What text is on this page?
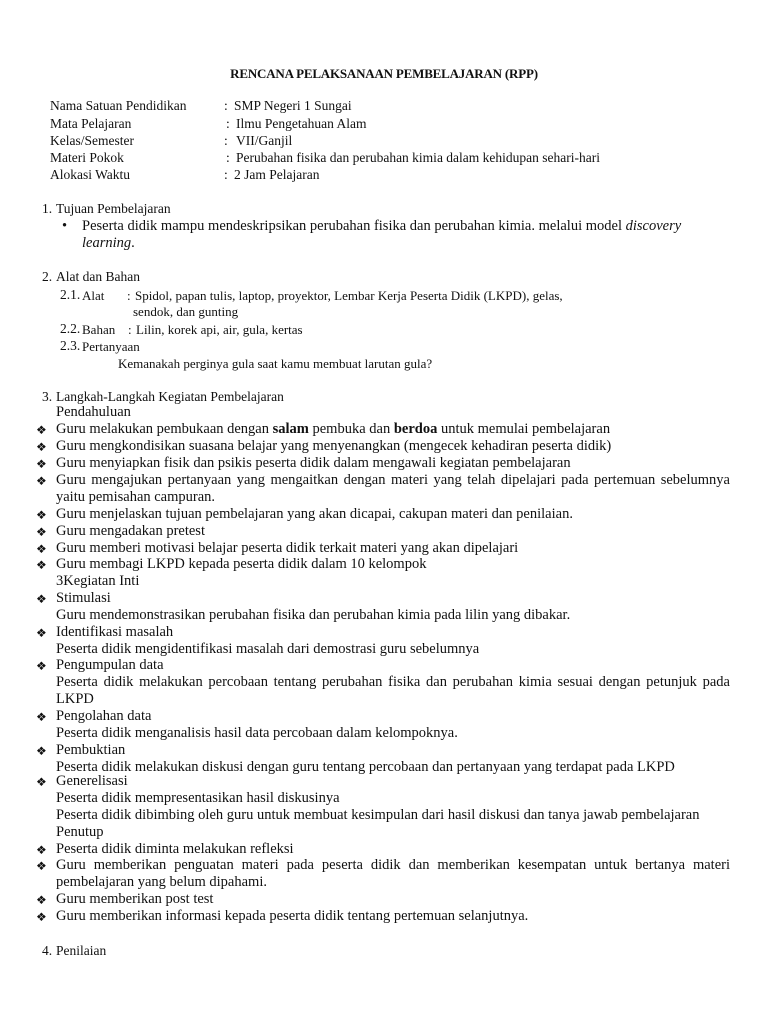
RENCANA PELAKSANAAN PEMBELAJARAN (RPP)
Nama Satuan Pendidikan	: SMP Negeri 1 Sungai
Mata Pelajaran	: Ilmu Pengetahuan Alam
Kelas/Semester	: VII/Ganjil
Materi Pokok	: Perubahan fisika dan perubahan kimia dalam kehidupan sehari-hari
Alokasi Waktu	: 2 Jam Pelajaran
1. Tujuan Pembelajaran
• Peserta didik mampu mendeskripsikan perubahan fisika dan perubahan kimia. melalui model discovery
learning.
2. Alat dan Bahan
2.1. Alat : Spidol, papan tulis, laptop, proyektor, Lembar Kerja Peserta Didik (LKPD), gelas,
sendok, dan gunting
2.2. Bahan : Lilin, korek api, air, gula, kertas
2.3. Pertanyaan
Kemanakah perginya gula saat kamu membuat larutan gula?
3. Langkah-Langkah Kegiatan Pembelajaran
Pendahuluan
❖ Guru melakukan pembukaan dengan salam pembuka dan berdoa untuk memulai pembelajaran
❖ Guru mengkondisikan suasana belajar yang menyenangkan (mengecek kehadiran peserta didik)
❖ Guru menyiapkan fisik dan psikis peserta didik dalam mengawali kegiatan pembelajaran
❖ Guru mengajukan pertanyaan yang mengaitkan dengan materi yang telah dipelajari pada pertemuan sebelumnya yaitu pemisahan campuran.
❖ Guru menjelaskan tujuan pembelajaran yang akan dicapai, cakupan materi dan penilaian.
❖ Guru mengadakan pretest
❖ Guru memberi motivasi belajar peserta didik terkait materi yang akan dipelajari
❖ Guru membagi LKPD kepada peserta didik dalam 10 kelompok
3Kegiatan Inti
❖ Stimulasi
Guru mendemonstrasikan perubahan fisika dan perubahan kimia pada lilin yang dibakar.
❖ Identifikasi masalah
Peserta didik mengidentifikasi masalah dari demostrasi guru sebelumnya
❖ Pengumpulan data
Peserta didik melakukan percobaan tentang perubahan fisika dan perubahan kimia sesuai dengan petunjuk pada LKPD
❖ Pengolahan data
Peserta didik menganalisis hasil data percobaan dalam kelompoknya.
❖ Pembuktian
Peserta didik melakukan diskusi dengan guru tentang percobaan dan pertanyaan yang terdapat pada LKPD
❖ Generelisasi
Peserta didik mempresentasikan hasil diskusinya
Peserta didik dibimbing oleh guru untuk membuat kesimpulan dari hasil diskusi dan tanya jawab pembelajaran
Penutup
❖ Peserta didik diminta melakukan refleksi
❖ Guru memberikan penguatan materi pada peserta didik dan memberikan kesempatan untuk bertanya materi pembelajaran yang belum dipahami.
❖ Guru memberikan post test
❖ Guru memberikan informasi kepada peserta didik tentang pertemuan selanjutnya.
4. Penilaian
